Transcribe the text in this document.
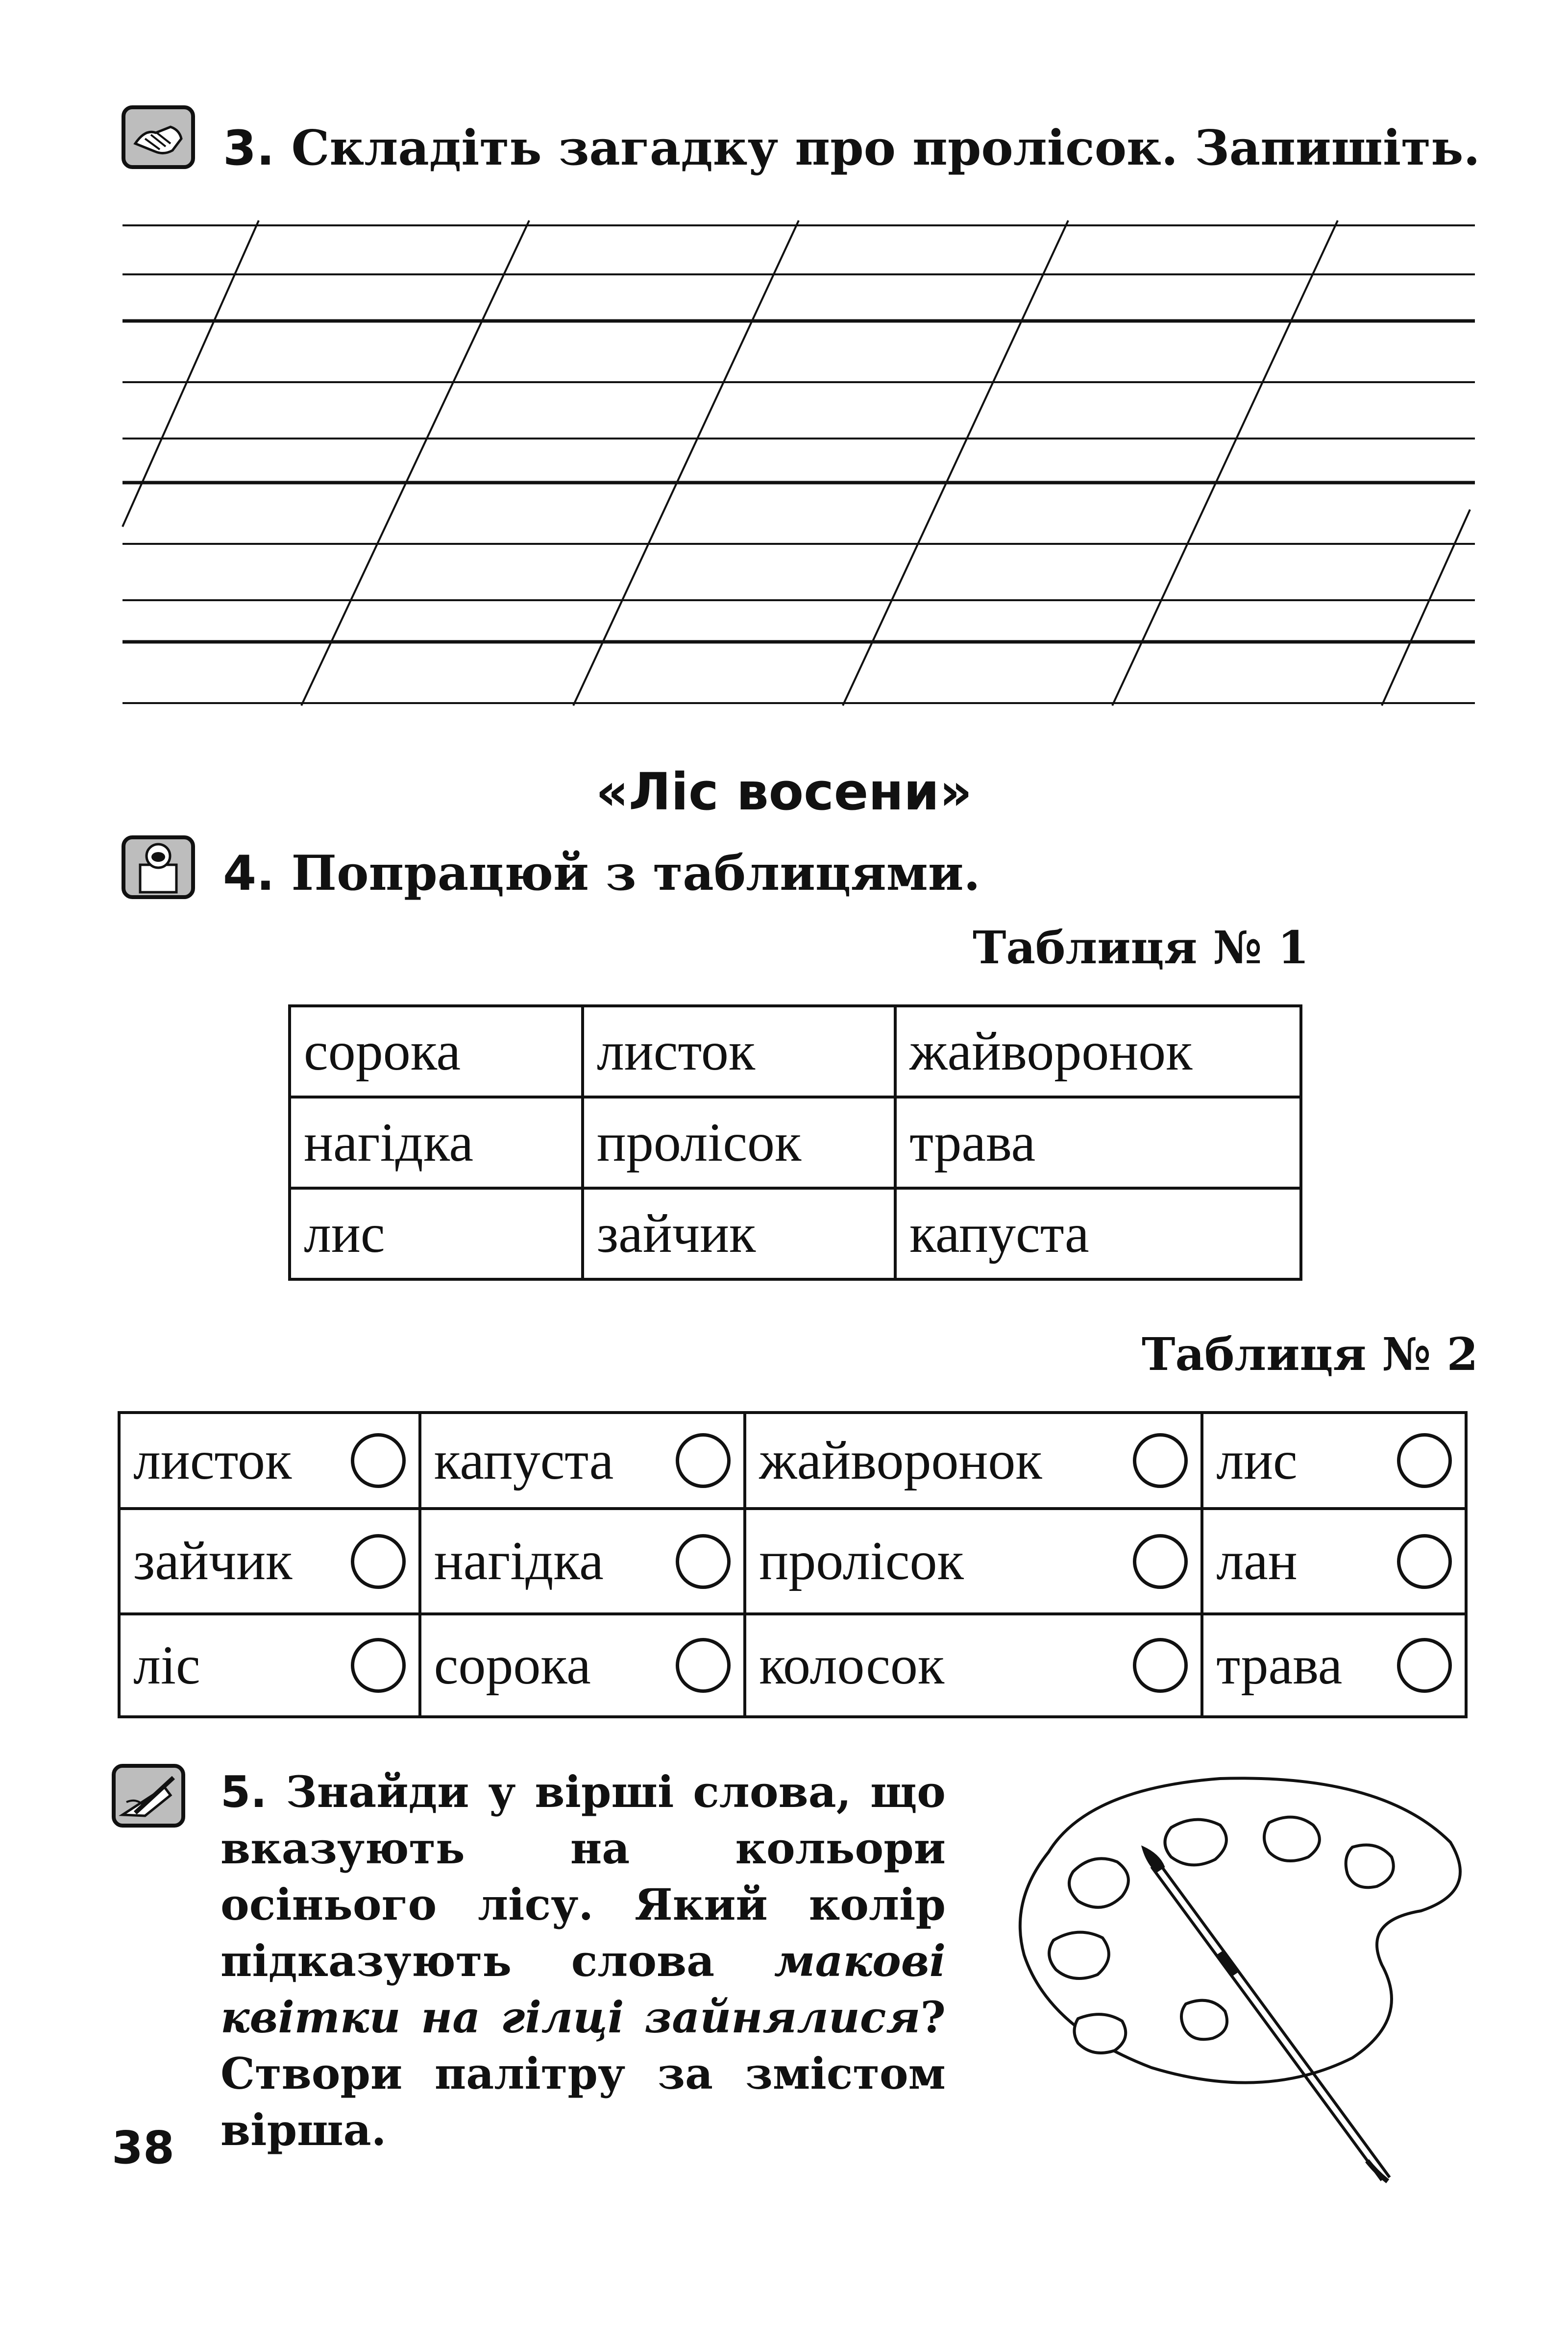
3. Складіть загадку про пролісок. Запишіть.
«Ліс восени»
4. Попрацюй з таблицями.
Таблиця № 1
сорока	листок	жайворонок
нагідка	пролісок	трава
лис	зайчик	капуста
Таблиця № 2
листок	капуста	жайворонок	лис

зайчик	нагідка	пролісок	лан

ліс	сорока	колосок	трава
5. Знайди у вірші слова, що вказують на кольори осінього лісу. Який колір підказують слова макові квітки на гілці зайнялися? Створи палітру за змістом вірша.
38
